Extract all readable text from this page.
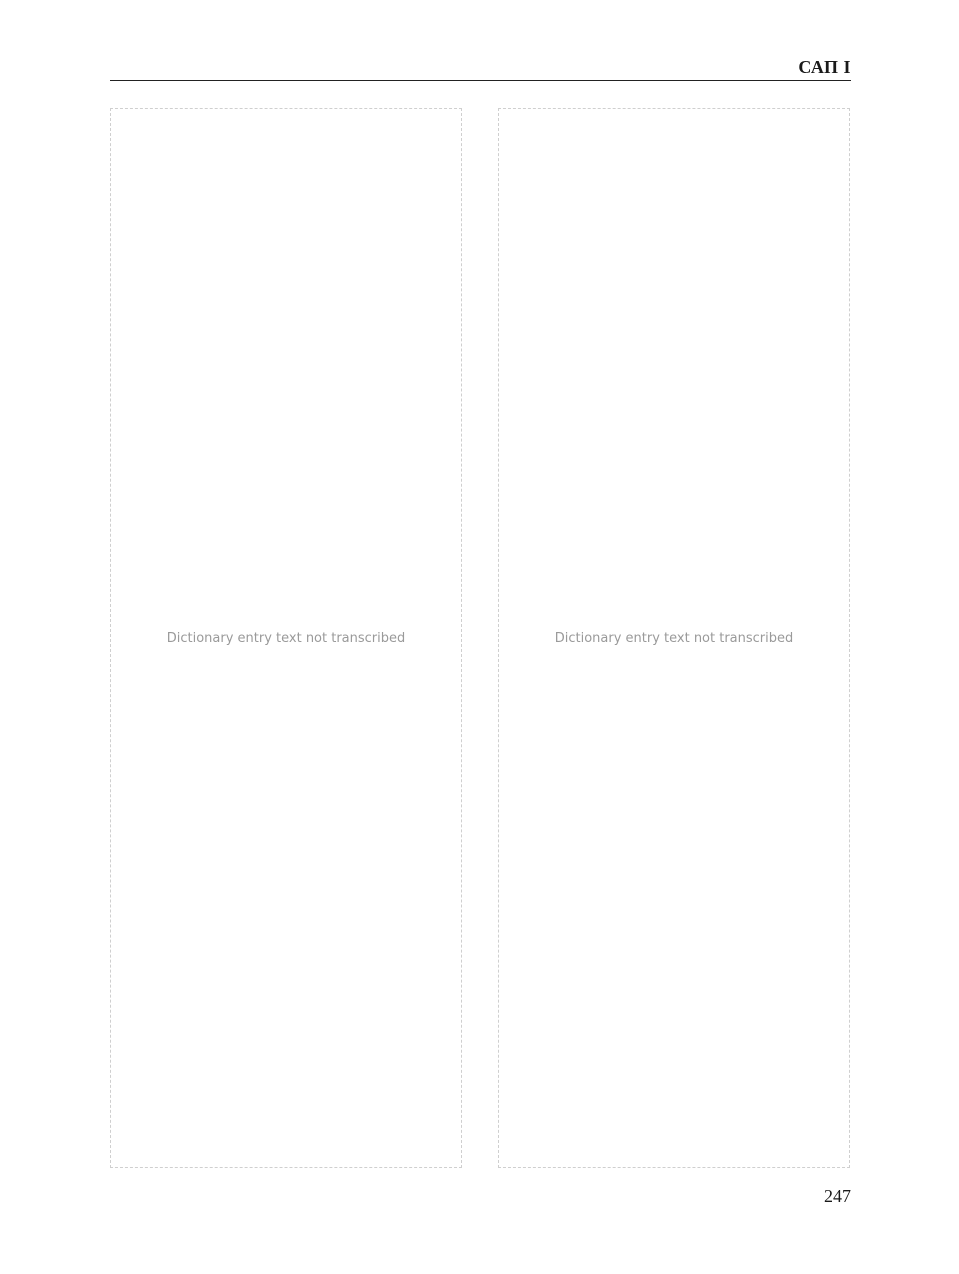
САП I
Dictionary entry text not transcribed	Dictionary entry text not transcribed
247
